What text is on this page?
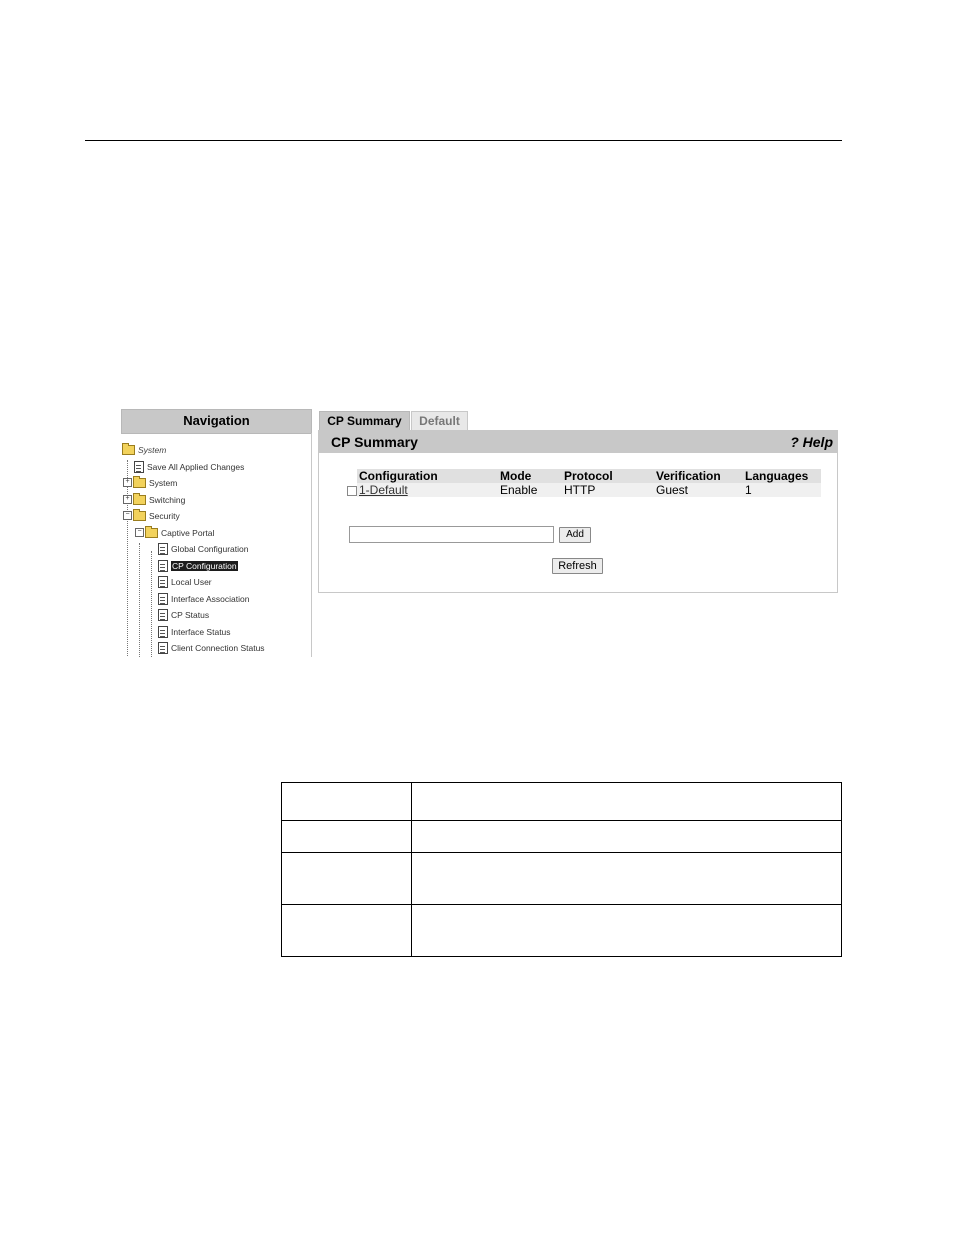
Navigation
System
Save All Applied Changes
+ System
+ Switching
− Security
− Captive Portal
Global Configuration
CP Configuration
Local User
Interface Association
CP Status
Interface Status
Client Connection Status
CP Summary	Default
CP Summary	? Help
	Configuration	Mode	Protocol	Verification	Languages
	1-Default	Enable	HTTP	Guest	1
Add
Refresh
